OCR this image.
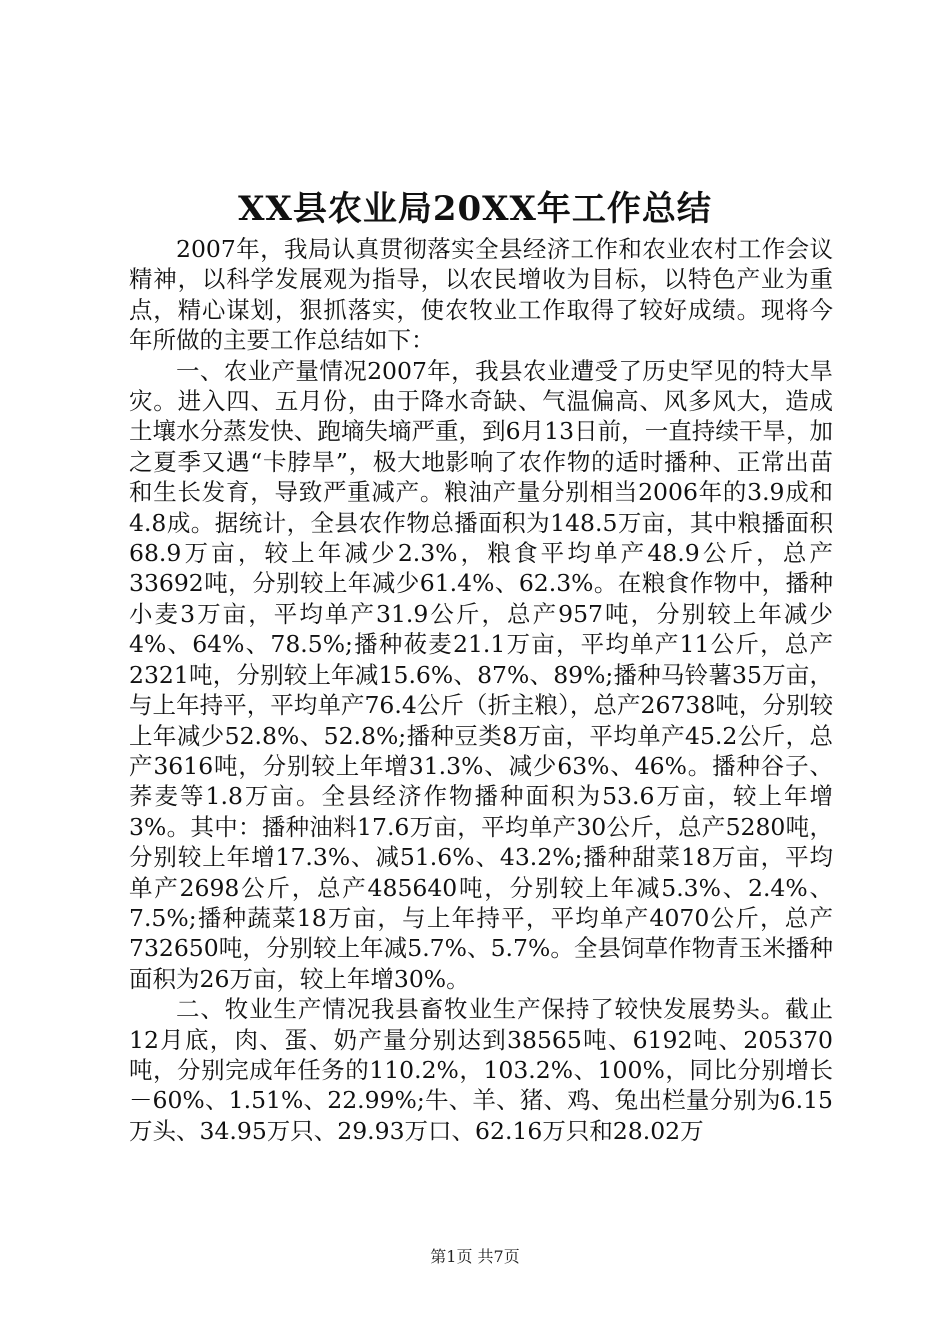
XX县农业局20XX年工作总结

2007年，我局认真贯彻落实全县经济工作和农业农村工作会议精神，以科学发展观为指导，以农民增收为目标，以特色产业为重点，精心谋划，狠抓落实，使农牧业工作取得了较好成绩。现将今年所做的主要工作总结如下：

一、农业产量情况2007年，我县农业遭受了历史罕见的特大旱灾。进入四、五月份，由于降水奇缺、气温偏高、风多风大，造成土壤水分蒸发快、跑墒失墒严重，到6月13日前，一直持续干旱，加之夏季又遇“卡脖旱”，极大地影响了农作物的适时播种、正常出苗和生长发育，导致严重减产。粮油产量分别相当2006年的3.9成和4.8成。据统计，全县农作物总播面积为148.5万亩，其中粮播面积68.9万亩，较上年减少2.3%，粮食平均单产48.9公斤，总产33692吨，分别较上年减少61.4%、62.3%。在粮食作物中，播种小麦3万亩，平均单产31.9公斤，总产957吨，分别较上年减少4%、64%、78.5%;播种莜麦21.1万亩，平均单产11公斤，总产2321吨，分别较上年减15.6%、87%、89%;播种马铃薯35万亩，与上年持平，平均单产76.4公斤（折主粮），总产26738吨，分别较上年减少52.8%、52.8%;播种豆类8万亩，平均单产45.2公斤，总产3616吨，分别较上年增31.3%、减少63%、46%。播种谷子、荞麦等1.8万亩。全县经济作物播种面积为53.6万亩，较上年增3%。其中：播种油料17.6万亩，平均单产30公斤，总产5280吨，分别较上年增17.3%、减51.6%、43.2%;播种甜菜18万亩，平均单产2698公斤，总产485640吨，分别较上年减5.3%、2.4%、7.5%;播种蔬菜18万亩，与上年持平，平均单产4070公斤，总产732650吨，分别较上年减5.7%、5.7%。全县饲草作物青玉米播种面积为26万亩，较上年增30%。

二、牧业生产情况我县畜牧业生产保持了较快发展势头。截止12月底，肉、蛋、奶产量分别达到38565吨、6192吨、205370吨，分别完成年任务的110.2%，103.2%、100%，同比分别增长－60%、1.51%、22.99%;牛、羊、猪、鸡、兔出栏量分别为6.15万头、34.95万只、29.93万口、62.16万只和28.02万

第1页 共7页
